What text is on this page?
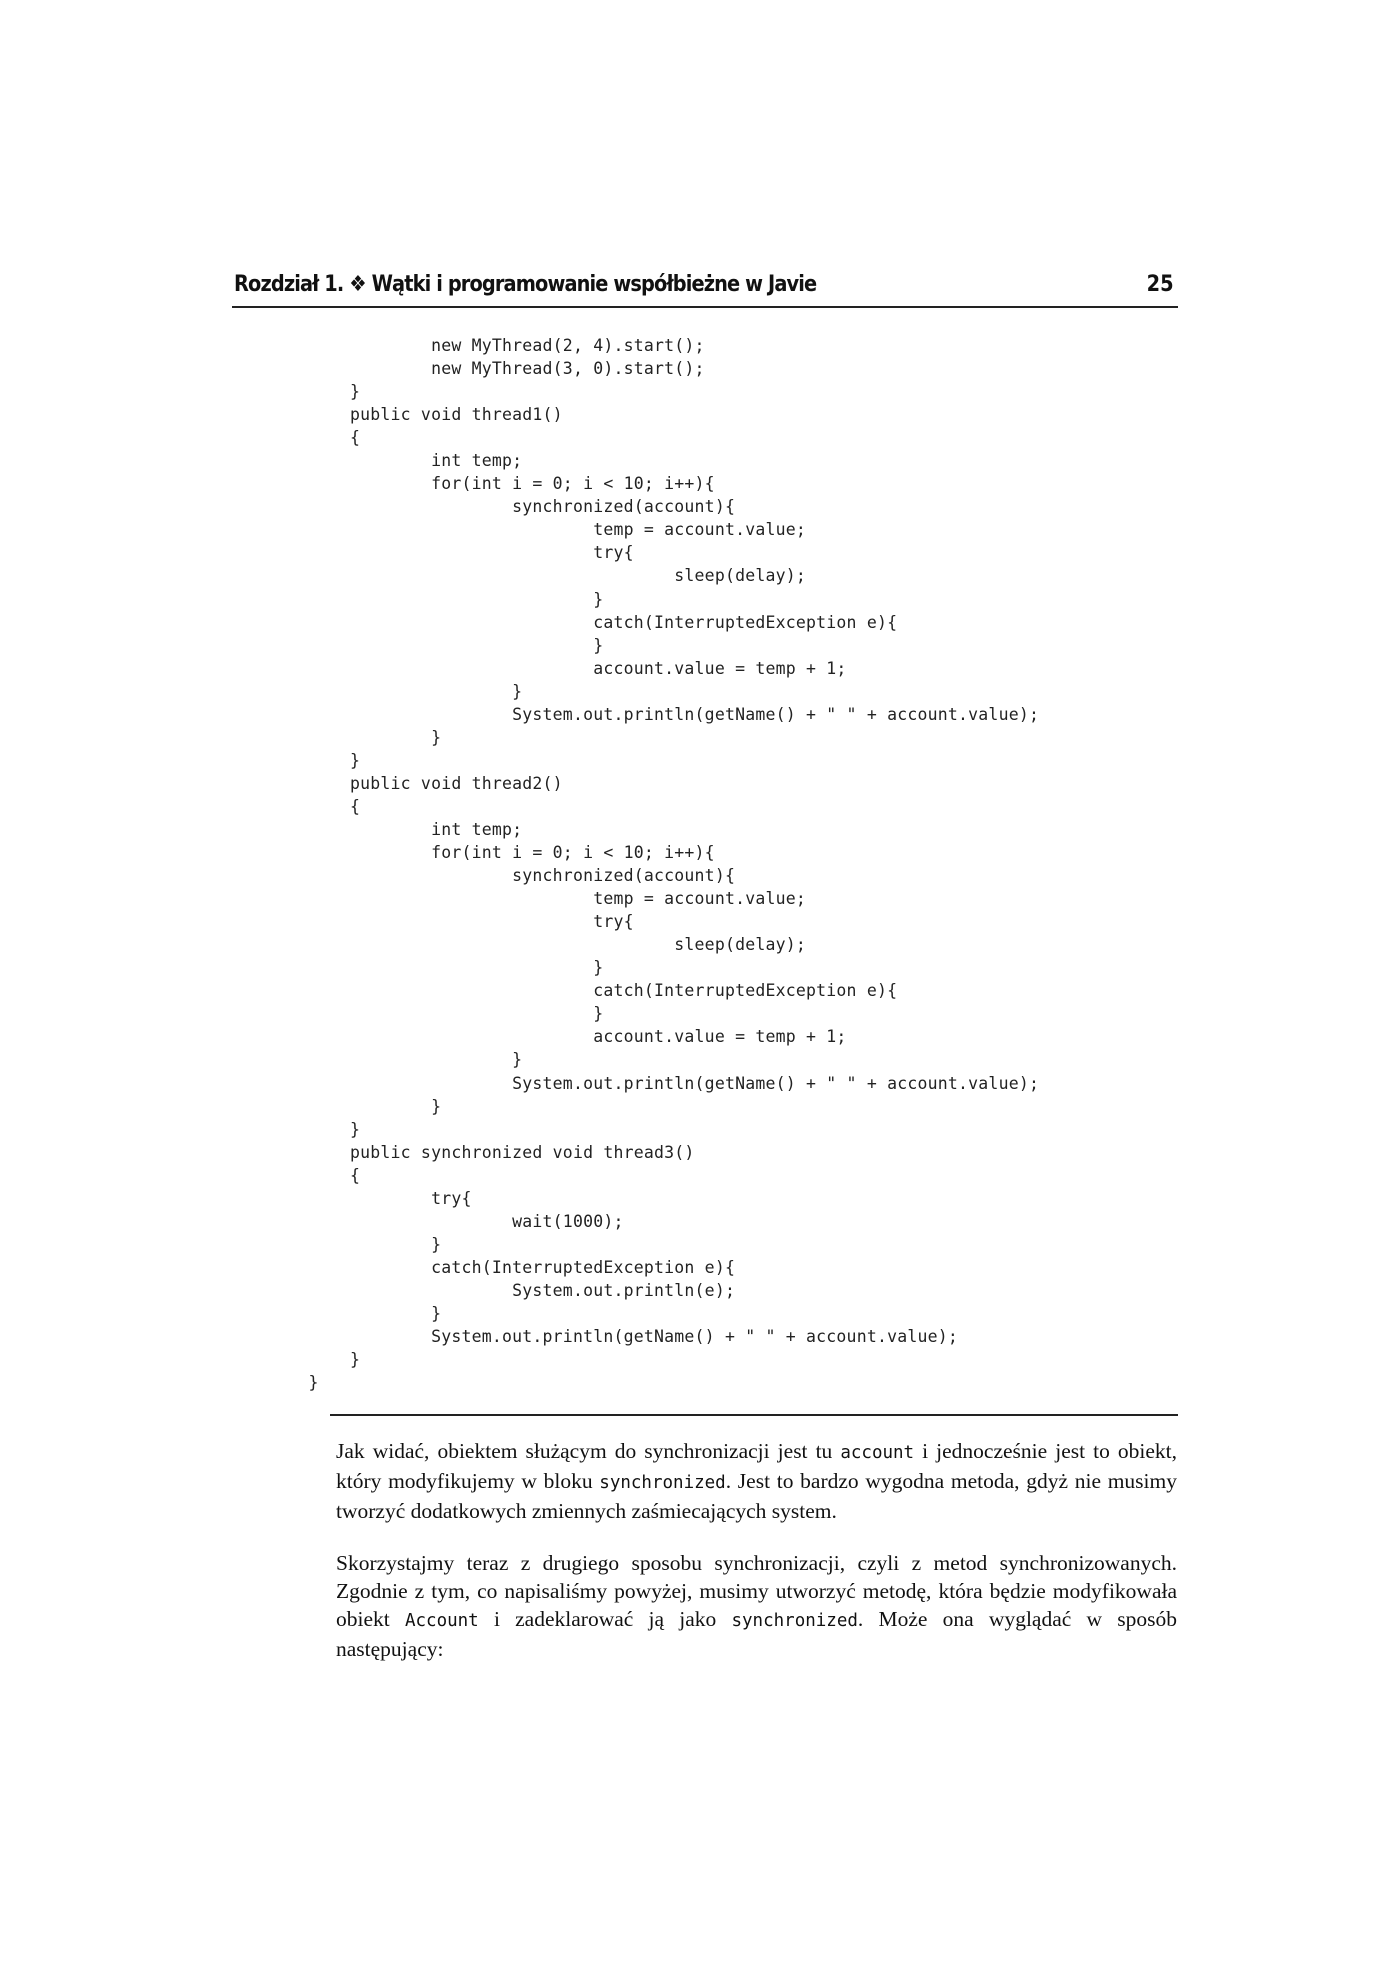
Rozdział 1. ❖ Wątki i programowanie współbieżne w Javie	25
new MyThread(2, 4).start();
new MyThread(3, 0).start();
}
public void thread1()
{
int temp;
for(int i = 0; i < 10; i++){
synchronized(account){
temp = account.value;
try{
sleep(delay);
}
catch(InterruptedException e){
}
account.value = temp + 1;
}
System.out.println(getName() + " " + account.value);
}
}
public void thread2()
{
int temp;
for(int i = 0; i < 10; i++){
synchronized(account){
temp = account.value;
try{
sleep(delay);
}
catch(InterruptedException e){
}
account.value = temp + 1;
}
System.out.println(getName() + " " + account.value);
}
}
public synchronized void thread3()
{
try{
wait(1000);
}
catch(InterruptedException e){
System.out.println(e);
}
System.out.println(getName() + " " + account.value);
}
}

Jak widać, obiektem służącym do synchronizacji jest tu account i jednocześnie jest to obiekt, który modyfikujemy w bloku synchronized. Jest to bardzo wygodna metoda, gdyż nie musimy tworzyć dodatkowych zmiennych zaśmiecających system.

Skorzystajmy teraz z drugiego sposobu synchronizacji, czyli z metod synchronizowanych. Zgodnie z tym, co napisaliśmy powyżej, musimy utworzyć metodę, która będzie modyfikowała obiekt Account i zadeklarować ją jako synchronized. Może ona wyglądać w sposób następujący:
